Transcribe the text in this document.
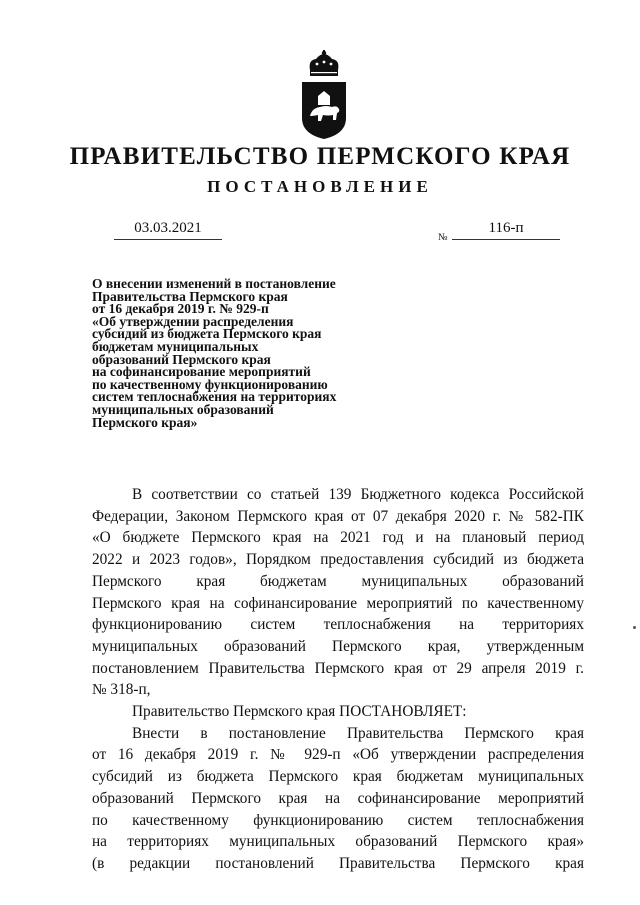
ПРАВИТЕЛЬСТВО ПЕРМСКОГО КРАЯ
ПОСТАНОВЛЕНИЕ
03.03.2021
№
116-п
О внесении изменений в постановление
Правительства Пермского края
от 16 декабря 2019 г. № 929-п
«Об утверждении распределения
субсидий из бюджета Пермского края
бюджетам муниципальных
образований Пермского края
на софинансирование мероприятий
по качественному функционированию
систем теплоснабжения на территориях
муниципальных образований
Пермского края»
В соответствии со статьей 139 Бюджетного кодекса Российской
Федерации, Законом Пермского края от 07 декабря 2020 г. № 582-ПК
«О бюджете Пермского края на 2021 год и на плановый период
2022 и 2023 годов», Порядком предоставления субсидий из бюджета
Пермского края бюджетам муниципальных образований
Пермского края на софинансирование мероприятий по качественному
функционированию систем теплоснабжения на территориях
муниципальных образований Пермского края, утвержденным
постановлением Правительства Пермского края от 29 апреля 2019 г.
№ 318-п,
Правительство Пермского края ПОСТАНОВЛЯЕТ:
Внести в постановление Правительства Пермского края
от 16 декабря 2019 г. № 929-п «Об утверждении распределения
субсидий из бюджета Пермского края бюджетам муниципальных
образований Пермского края на софинансирование мероприятий
по качественному функционированию систем теплоснабжения
на территориях муниципальных образований Пермского края»
(в редакции постановлений Правительства Пермского края
